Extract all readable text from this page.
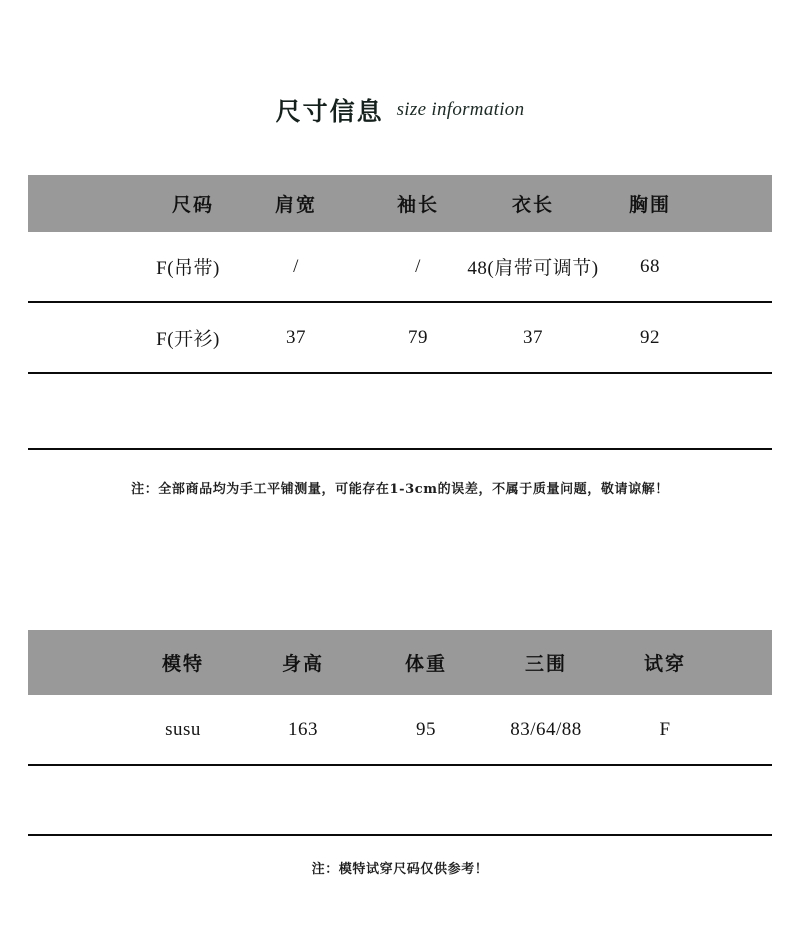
尺寸信息 size information
尺码	肩宽	袖长	衣长	胸围
F(吊带)	/	/	48(肩带可调节)	68
F(开衫)	37	79	37	92
注：全部商品均为手工平铺测量，可能存在1-3cm的误差，不属于质量问题，敬请谅解！
模特	身高	体重	三围	试穿
susu	163	95	83/64/88	F
注：模特试穿尺码仅供参考！
